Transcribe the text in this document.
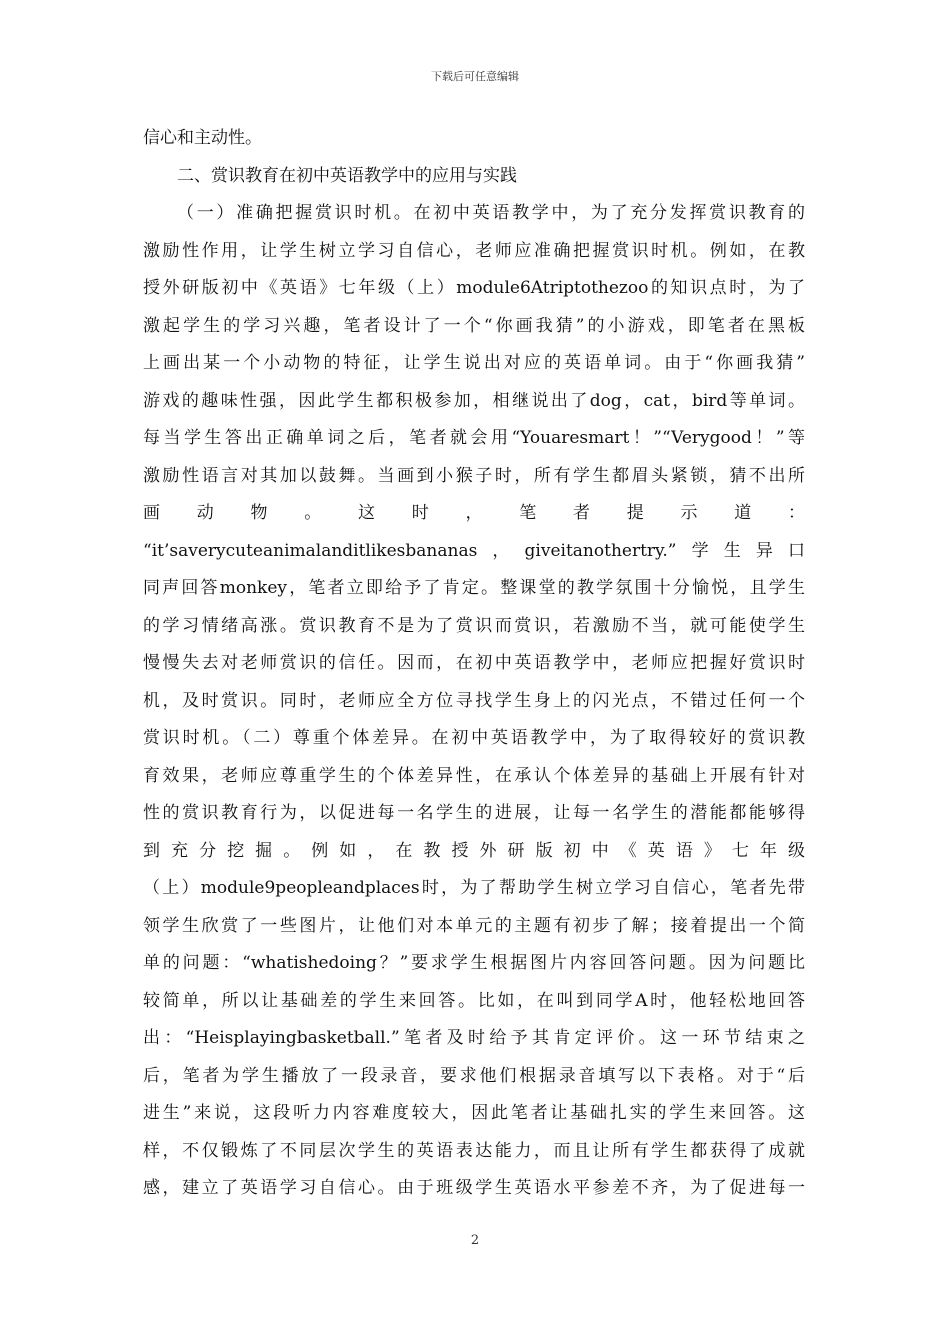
下载后可任意编辑
信心和主动性。
二、赏识教育在初中英语教学中的应用与实践
（一）准确把握赏识时机。在初中英语教学中，为了充分发挥赏识教育的
激励性作用，让学生树立学习自信心，老师应准确把握赏识时机。例如，在教
授外研版初中《英语》七年级（上）module6Atriptothezoo的知识点时，为了
激起学生的学习兴趣，笔者设计了一个“你画我猜”的小游戏，即笔者在黑板
上画出某一个小动物的特征，让学生说出对应的英语单词。由于“你画我猜”
游戏的趣味性强，因此学生都积极参加，相继说出了dog，cat，bird等单词。
每当学生答出正确单词之后，笔者就会用“Youaresmart！”“Verygood！”等
激励性语言对其加以鼓舞。当画到小猴子时，所有学生都眉头紧锁，猜不出所
画 动 物 。 这 时 ， 笔 者 提 示 道 ：
“it’saverycuteanimalanditlikesbananas，giveitanothertry.”学生异口
同声回答monkey，笔者立即给予了肯定。整课堂的教学氛围十分愉悦，且学生
的学习情绪高涨。赏识教育不是为了赏识而赏识，若激励不当，就可能使学生
慢慢失去对老师赏识的信任。因而，在初中英语教学中，老师应把握好赏识时
机，及时赏识。同时，老师应全方位寻找学生身上的闪光点，不错过任何一个
赏识时机。（二）尊重个体差异。在初中英语教学中，为了取得较好的赏识教
育效果，老师应尊重学生的个体差异性，在承认个体差异的基础上开展有针对
性的赏识教育行为，以促进每一名学生的进展，让每一名学生的潜能都能够得
到 充 分 挖 掘 。 例 如 ， 在 教 授 外 研 版 初 中 《 英 语 》 七 年 级
（上）module9peopleandplaces时，为了帮助学生树立学习自信心，笔者先带
领学生欣赏了一些图片，让他们对本单元的主题有初步了解；接着提出一个简
单的问题：“whatishedoing？”要求学生根据图片内容回答问题。因为问题比
较简单，所以让基础差的学生来回答。比如，在叫到同学A时，他轻松地回答
出：“Heisplayingbasketball.”笔者及时给予其肯定评价。这一环节结束之
后，笔者为学生播放了一段录音，要求他们根据录音填写以下表格。对于“后
进生”来说，这段听力内容难度较大，因此笔者让基础扎实的学生来回答。这
样，不仅锻炼了不同层次学生的英语表达能力，而且让所有学生都获得了成就
感，建立了英语学习自信心。由于班级学生英语水平参差不齐，为了促进每一
2
